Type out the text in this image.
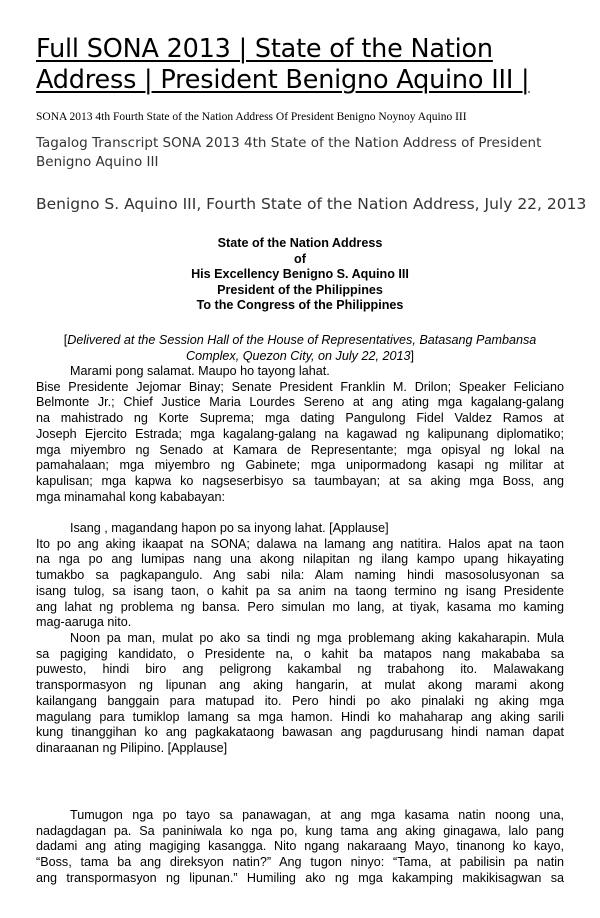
Full SONA 2013 | State of the Nation
Address | President Benigno Aquino III |
SONA 2013 4th Fourth State of the Nation Address Of President Benigno Noynoy Aquino III
Tagalog Transcript SONA 2013 4th State of the Nation Address of President Benigno Aquino III
Benigno S. Aquino III, Fourth State of the Nation Address, July 22, 2013
State of the Nation Address
of
His Excellency Benigno S. Aquino III
President of the Philippines
To the Congress of the Philippines
[Delivered at the Session Hall of the House of Representatives, Batasang Pambansa
Complex, Quezon City, on July 22, 2013]
Marami pong salamat. Maupo ho tayong lahat.
Bise Presidente Jejomar Binay; Senate President Franklin M. Drilon; Speaker Feliciano
Belmonte Jr.; Chief Justice Maria Lourdes Sereno at ang ating mga kagalang-galang
na mahistrado ng Korte Suprema; mga dating Pangulong Fidel Valdez Ramos at
Joseph Ejercito Estrada; mga kagalang-galang na kagawad ng kalipunang diplomatiko;
mga miyembro ng Senado at Kamara de Representante; mga opisyal ng lokal na
pamahalaan; mga miyembro ng Gabinete; mga unipormadong kasapi ng militar at
kapulisan; mga kapwa ko nagseserbisyo sa taumbayan; at sa aking mga Boss, ang
mga minamahal kong kababayan:
Isang , magandang hapon po sa inyong lahat. [Applause]
Ito po ang aking ikaapat na SONA; dalawa na lamang ang natitira. Halos apat na taon
na nga po ang lumipas nang una akong nilapitan ng ilang kampo upang hikayating
tumakbo sa pagkapangulo. Ang sabi nila: Alam naming hindi masosolusyonan sa
isang tulog, sa isang taon, o kahit pa sa anim na taong termino ng isang Presidente
ang lahat ng problema ng bansa. Pero simulan mo lang, at tiyak, kasama mo kaming
mag-aaruga nito.
Noon pa man, mulat po ako sa tindi ng mga problemang aking kakaharapin. Mula
sa pagiging kandidato, o Presidente na, o kahit ba matapos nang makababa sa
puwesto, hindi biro ang peligrong kakambal ng trabahong ito. Malawakang
transpormasyon ng lipunan ang aking hangarin, at mulat akong marami akong
kailangang banggain para matupad ito. Pero hindi po ako pinalaki ng aking mga
magulang para tumiklop lamang sa mga hamon. Hindi ko mahaharap ang aking sarili
kung tinanggihan ko ang pagkakataong bawasan ang pagdurusang hindi naman dapat
dinaraanan ng Pilipino. [Applause]
Tumugon nga po tayo sa panawagan, at ang mga kasama natin noong una,
nadagdagan pa. Sa paniniwala ko nga po, kung tama ang aking ginagawa, lalo pang
dadami ang ating magiging kasangga. Nito ngang nakaraang Mayo, tinanong ko kayo,
“Boss, tama ba ang direksyon natin?” Ang tugon ninyo: “Tama, at pabilisin pa natin
ang transpormasyon ng lipunan.” Humiling ako ng mga kakamping makikisagwan sa
